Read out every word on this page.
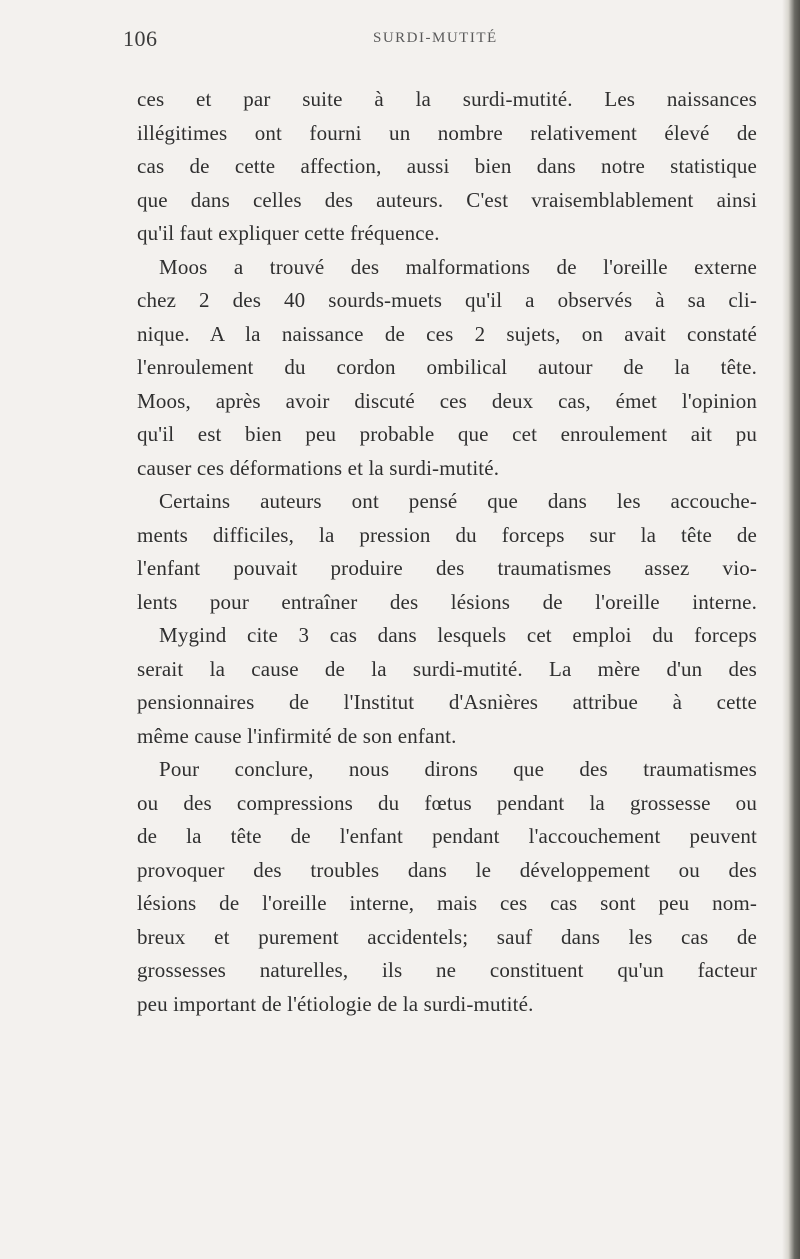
106	SURDI-MUTITÉ
ces et par suite à la surdi-mutité. Les naissances
illégitimes ont fourni un nombre relativement élevé de
cas de cette affection, aussi bien dans notre statistique
que dans celles des auteurs. C'est vraisemblablement ainsi
qu'il faut expliquer cette fréquence.
Moos a trouvé des malformations de l'oreille externe
chez 2 des 40 sourds-muets qu'il a observés à sa cli-
nique. A la naissance de ces 2 sujets, on avait constaté
l'enroulement du cordon ombilical autour de la tête.
Moos, après avoir discuté ces deux cas, émet l'opinion
qu'il est bien peu probable que cet enroulement ait pu
causer ces déformations et la surdi-mutité.
Certains auteurs ont pensé que dans les accouche-
ments difficiles, la pression du forceps sur la tête de
l'enfant pouvait produire des traumatismes assez vio-
lents pour entraîner des lésions de l'oreille interne.
Mygind cite 3 cas dans lesquels cet emploi du forceps
serait la cause de la surdi-mutité. La mère d'un des
pensionnaires de l'Institut d'Asnières attribue à cette
même cause l'infirmité de son enfant.
Pour conclure, nous dirons que des traumatismes
ou des compressions du fœtus pendant la grossesse ou
de la tête de l'enfant pendant l'accouchement peuvent
provoquer des troubles dans le développement ou des
lésions de l'oreille interne, mais ces cas sont peu nom-
breux et purement accidentels; sauf dans les cas de
grossesses naturelles, ils ne constituent qu'un facteur
peu important de l'étiologie de la surdi-mutité.
